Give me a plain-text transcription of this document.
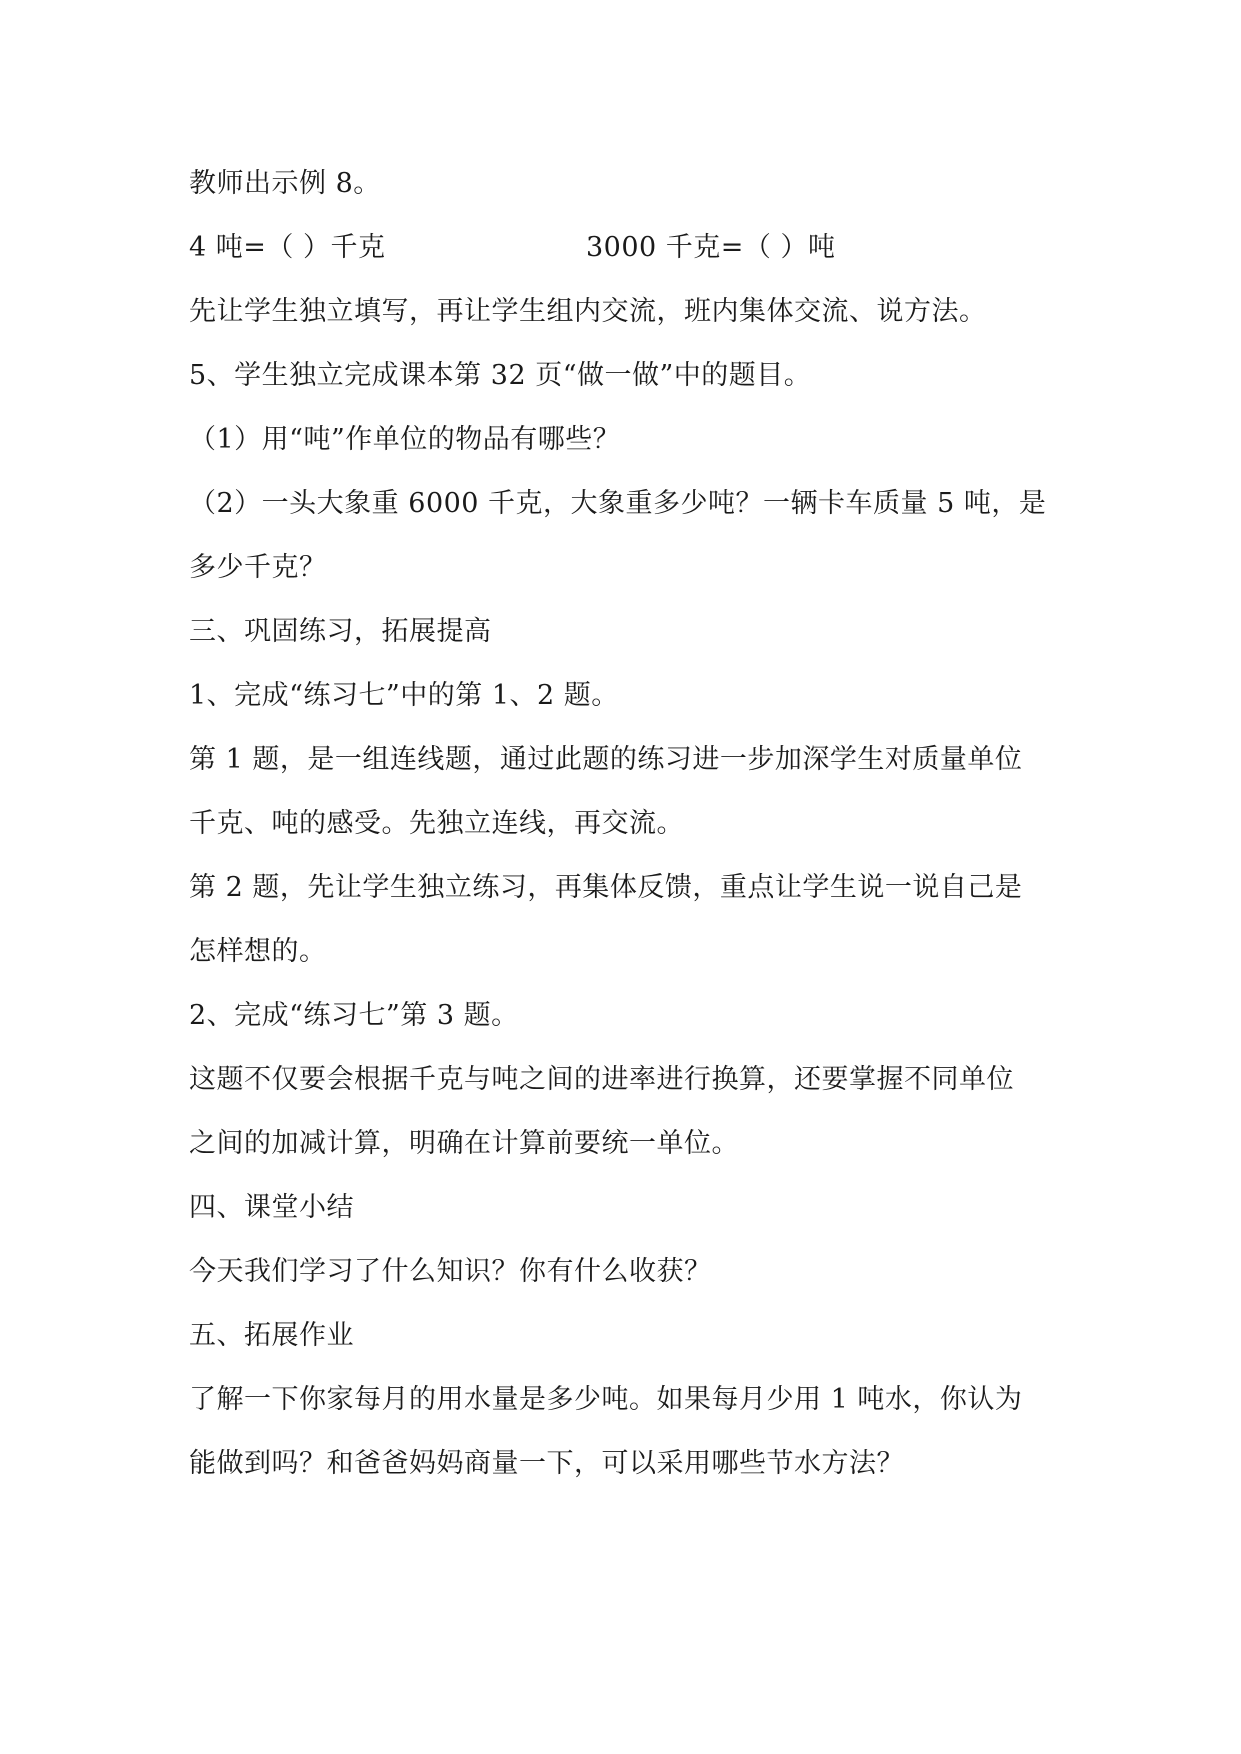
教师出示例 8。
4 吨=（ ）千克	3000 千克=（ ）吨
先让学生独立填写，再让学生组内交流，班内集体交流、说方法。
5、学生独立完成课本第 32 页“做一做”中的题目。
（1）用“吨”作单位的物品有哪些？
（2）一头大象重 6000 千克，大象重多少吨？一辆卡车质量 5 吨，是
多少千克？
三、巩固练习，拓展提高
1、完成“练习七”中的第 1、2 题。
第 1 题，是一组连线题，通过此题的练习进一步加深学生对质量单位
千克、吨的感受。先独立连线，再交流。
第 2 题，先让学生独立练习，再集体反馈，重点让学生说一说自己是
怎样想的。
2、完成“练习七”第 3 题。
这题不仅要会根据千克与吨之间的进率进行换算，还要掌握不同单位
之间的加减计算，明确在计算前要统一单位。
四、课堂小结
今天我们学习了什么知识？你有什么收获？
五、拓展作业
了解一下你家每月的用水量是多少吨。如果每月少用 1 吨水，你认为
能做到吗？和爸爸妈妈商量一下，可以采用哪些节水方法？
